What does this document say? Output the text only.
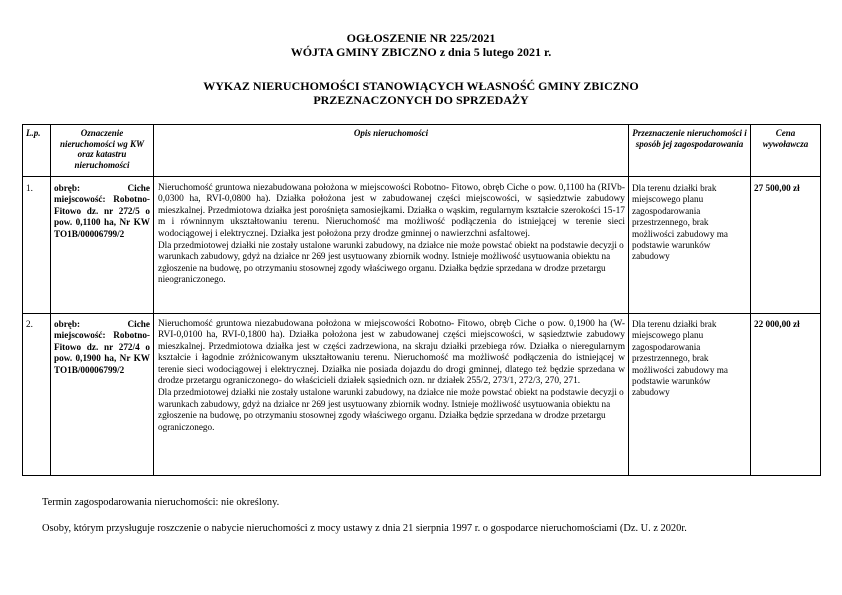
OGŁOSZENIE NR 225/2021
WÓJTA GMINY ZBICZNO z dnia 5 lutego 2021 r.
WYKAZ NIERUCHOMOŚCI STANOWIĄCYCH WŁASNOŚĆ GMINY ZBICZNO
PRZEZNACZONYCH DO SPRZEDAŻY
L.p.	Oznaczenie nieruchomości wg KW oraz katastru nieruchomości	Opis nieruchomości	Przeznaczenie nieruchomości i sposób jej zagospodarowania	Cena wywoławcza
1.	obręb: Ciche miejscowość: Robotno-Fitowo dz. nr 272/5 o pow. 0,1100 ha, Nr KW TO1B/00006799/2	Nieruchomość gruntowa niezabudowana położona w miejscowości Robotno- Fitowo, obręb Ciche o pow. 0,1100 ha (RIVb-0,0300 ha, RVI-0,0800 ha). Działka położona jest w zabudowanej części miejscowości, w sąsiedztwie zabudowy mieszkalnej. Przedmiotowa działka jest porośnięta samosiejkami. Działka o wąskim, regularnym kształcie szerokości 15-17 m i równinnym ukształtowaniu terenu. Nieruchomość ma możliwość podłączenia do istniejącej w terenie sieci wodociągowej i elektrycznej. Działka jest położona przy drodze gminnej o nawierzchni asfaltowej.

Dla przedmiotowej działki nie zostały ustalone warunki zabudowy, na działce nie może powstać obiekt na podstawie decyzji o warunkach zabudowy, gdyż na działce nr 269 jest usytuowany zbiornik wodny. Istnieje możliwość usytuowania obiektu na zgłoszenie na budowę, po otrzymaniu stosownej zgody właściwego organu. Działka będzie sprzedana w drodze przetargu nieograniczonego.	Dla terenu działki brak miejscowego planu zagospodarowania przestrzennego, brak możliwości zabudowy ma podstawie warunków zabudowy	27 500,00 zł
2.	obręb: Ciche miejscowość: Robotno-Fitowo dz. nr 272/4 o pow. 0,1900 ha, Nr KW TO1B/00006799/2	Nieruchomość gruntowa niezabudowana położona w miejscowości Robotno- Fitowo, obręb Ciche o pow. 0,1900 ha (W-RVI-0,0100 ha, RVI-0,1800 ha). Działka położona jest w zabudowanej części miejscowości, w sąsiedztwie zabudowy mieszkalnej. Przedmiotowa działka jest w części zadrzewiona, na skraju działki przebiega rów. Działka o nieregularnym kształcie i łagodnie zróżnicowanym ukształtowaniu terenu. Nieruchomość ma możliwość podłączenia do istniejącej w terenie sieci wodociągowej i elektrycznej. Działka nie posiada dojazdu do drogi gminnej, dlatego też będzie sprzedana w drodze przetargu ograniczonego- do właścicieli działek sąsiednich ozn. nr działek 255/2, 273/1, 272/3, 270, 271.

Dla przedmiotowej działki nie zostały ustalone warunki zabudowy, na działce nie może powstać obiekt na podstawie decyzji o warunkach zabudowy, gdyż na działce nr 269 jest usytuowany zbiornik wodny. Istnieje możliwość usytuowania obiektu na zgłoszenie na budowę, po otrzymaniu stosownej zgody właściwego organu. Działka będzie sprzedana w drodze przetargu ograniczonego.	Dla terenu działki brak miejscowego planu zagospodarowania przestrzennego, brak możliwości zabudowy ma podstawie warunków zabudowy	22 000,00 zł
Termin zagospodarowania nieruchomości: nie określony.
Osoby, którym przysługuje roszczenie o nabycie nieruchomości z mocy ustawy z dnia 21 sierpnia 1997 r. o gospodarce nieruchomościami (Dz. U. z 2020r.
